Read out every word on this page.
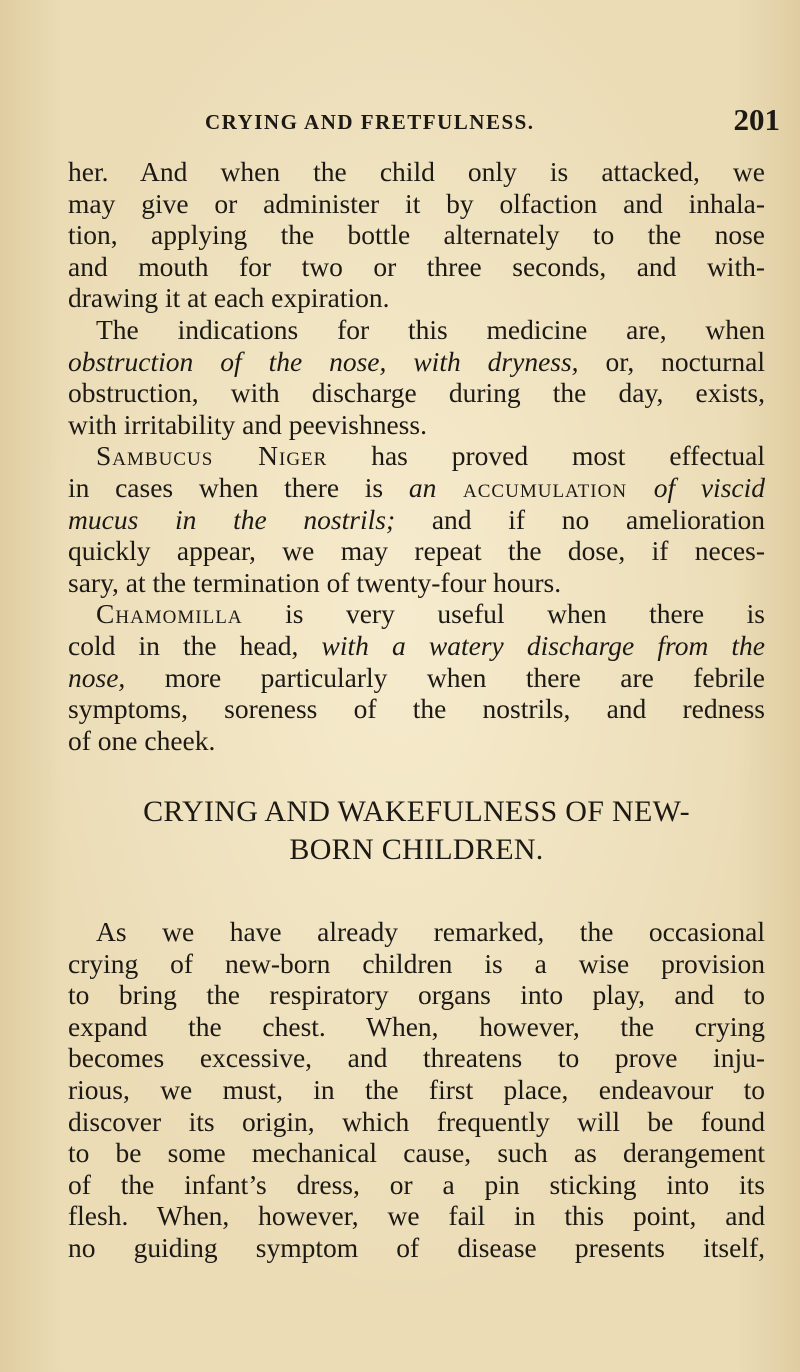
CRYING AND FRETFULNESS.	201
her. And when the child only is attacked, we
may give or administer it by olfaction and inhala-
tion, applying the bottle alternately to the nose
and mouth for two or three seconds, and with-
drawing it at each expiration.
The indications for this medicine are, when
obstruction of the nose, with dryness, or, nocturnal
obstruction, with discharge during the day, exists,
with irritability and peevishness.
Sambucus Niger has proved most effectual
in cases when there is an accumulation of viscid
mucus in the nostrils; and if no amelioration
quickly appear, we may repeat the dose, if neces-
sary, at the termination of twenty-four hours.
Chamomilla is very useful when there is
cold in the head, with a watery discharge from the
nose, more particularly when there are febrile
symptoms, soreness of the nostrils, and redness
of one cheek.
CRYING AND WAKEFULNESS OF NEW-
BORN CHILDREN.
As we have already remarked, the occasional
crying of new-born children is a wise provision
to bring the respiratory organs into play, and to
expand the chest. When, however, the crying
becomes excessive, and threatens to prove inju-
rious, we must, in the first place, endeavour to
discover its origin, which frequently will be found
to be some mechanical cause, such as derangement
of the infant’s dress, or a pin sticking into its
flesh. When, however, we fail in this point, and
no guiding symptom of disease presents itself,
